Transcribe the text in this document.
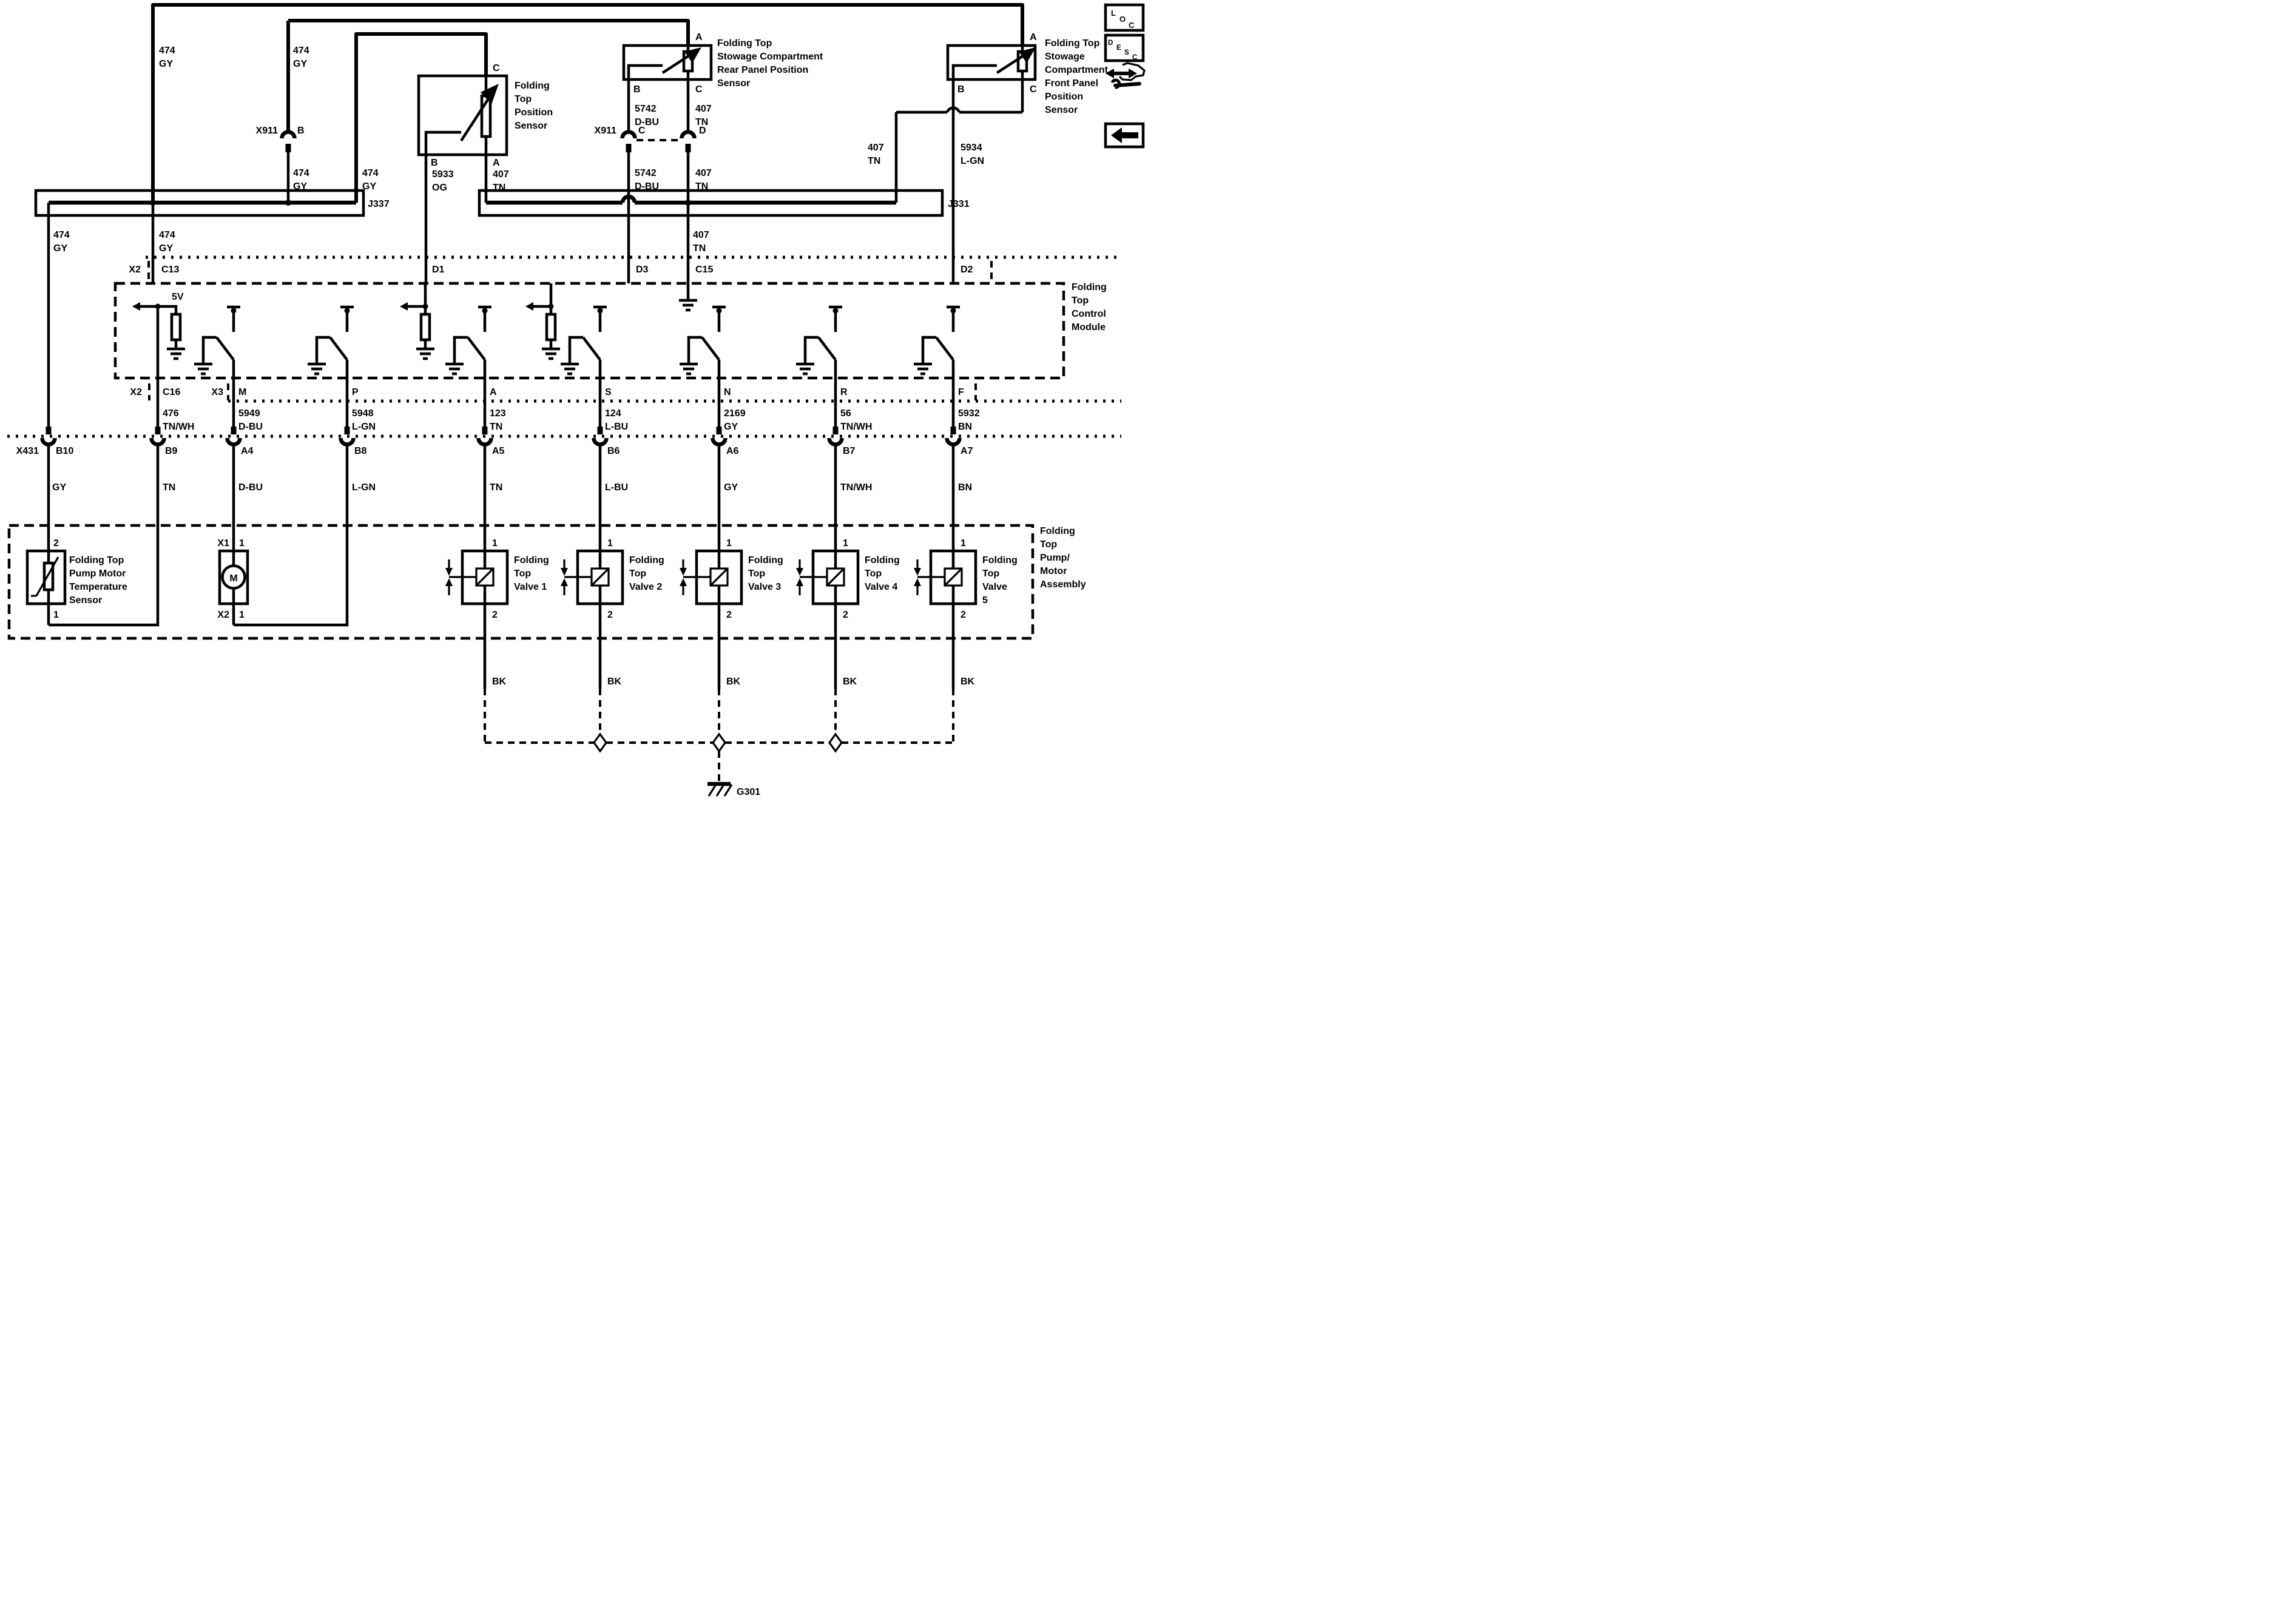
X911 B
J337	J331
C
B	A
Folding
Top
Position
Sensor
A
B	C
Folding Top
Stowage Compartment
Rear Panel Position
Sensor
X911 C	D
A
B	C
Folding Top
Stowage
Compartment
Front Panel
Position
Sensor
474
GY
474
GY
474
GY
474
GY
474
GY
474
GY
5933
OG
407
TN
5742
D-BU
407
TN
5742
D-BU
407
TN
407
TN
407
TN
5934
L-GN
X2 C13	D1	D3	C15	D2
5V
Folding
Top
Control
Module
X2 C16	X3 M	P	A	S	N	R	F
476
TN/WH
5949
D-BU
5948
L-GN
123
TN
124
L-BU
2169
GY
56
TN/WH
5932
BN
X431 B10	B9	A4	B8	A5	B6	A6	B7	A7
GY	TN	D-BU	L-GN	TN	L-BU	GY	TN/WH	BN
Folding
Top
Pump/
Motor
Assembly
2
1
Folding Top
Pump Motor
Temperature
Sensor
M
X1 1
X2 1
1
2
Folding
Top
Valve 1
1
2
Folding
Top
Valve 2
1
2
Folding
Top
Valve 3
1
2
Folding
Top
Valve 4
1
2
Folding
Top
Valve
5
BK	BK	BK	BK	BK
G301
L
O
C
D
E
S
C
